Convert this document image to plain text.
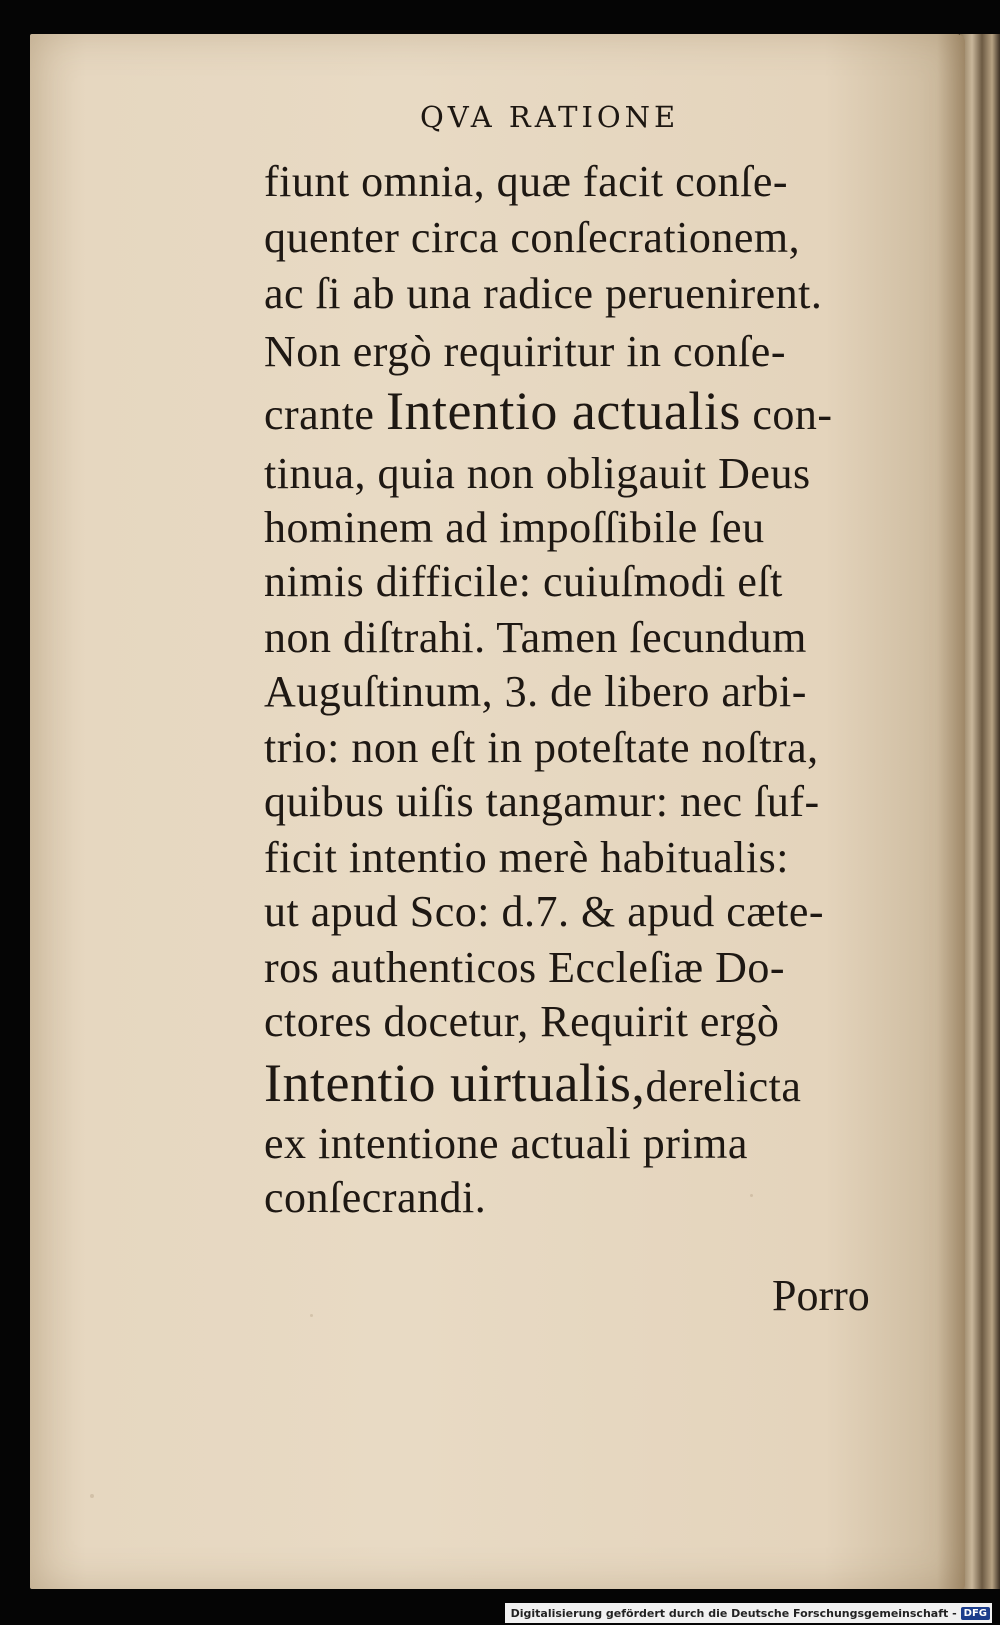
QVA RATIONE
fiunt omnia, quæ facit conſe-
quenter circa conſecrationem,
ac ſi ab una radice peruenirent.
Non ergò requiritur in conſe-
crante Intentio actualis con-
tinua, quia non obligauit Deus
hominem ad impoſſibile ſeu
nimis difficile: cuiuſmodi eſt
non diſtrahi. Tamen ſecundum
Auguſtinum, 3. de libero arbi-
trio: non eſt in poteſtate noſtra,
quibus uiſis tangamur: nec ſuf-
ficit intentio merè habitualis:
ut apud Sco: d.7. & apud cæte-
ros authenticos Eccleſiæ Do-
ctores docetur, Requirit ergò
Intentio uirtualis,derelicta
ex intentione actuali prima
conſecrandi.
Porro
Digitalisierung gefördert durch die Deutsche Forschungsgemeinschaft - DFG
